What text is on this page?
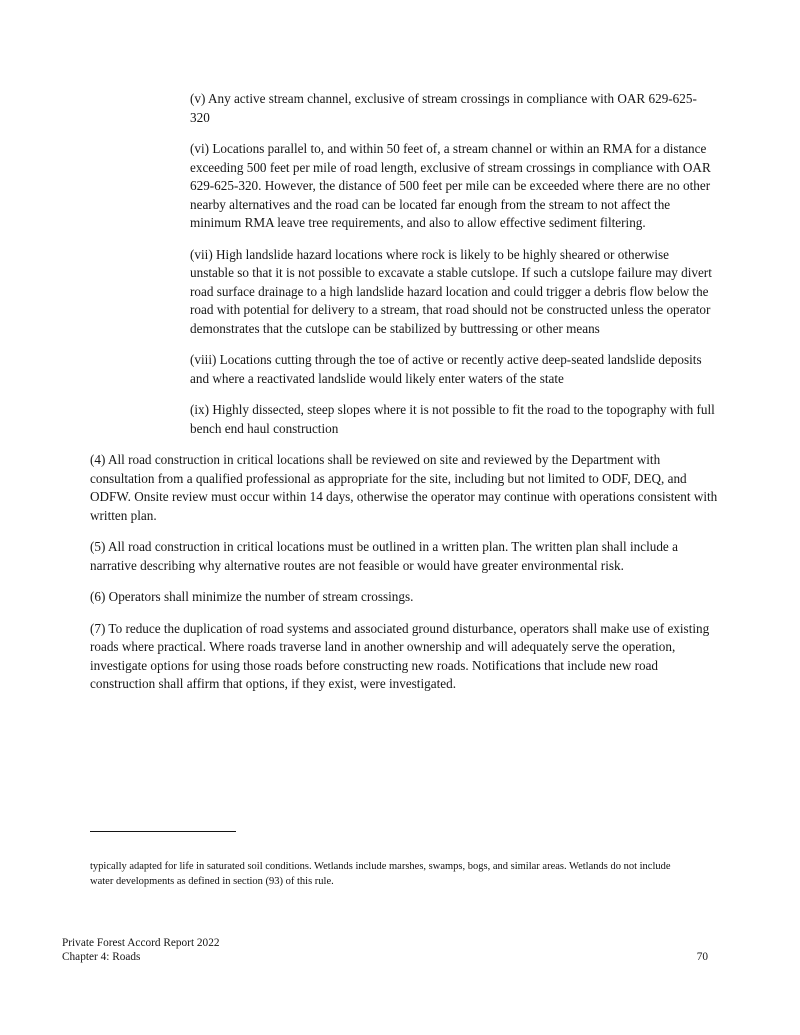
(v) Any active stream channel, exclusive of stream crossings in compliance with OAR 629-625-320

(vi) Locations parallel to, and within 50 feet of, a stream channel or within an RMA for a distance exceeding 500 feet per mile of road length, exclusive of stream crossings in compliance with OAR 629-625-320. However, the distance of 500 feet per mile can be exceeded where there are no other nearby alternatives and the road can be located far enough from the stream to not affect the minimum RMA leave tree requirements, and also to allow effective sediment filtering.

(vii) High landslide hazard locations where rock is likely to be highly sheared or otherwise unstable so that it is not possible to excavate a stable cutslope. If such a cutslope failure may divert road surface drainage to a high landslide hazard location and could trigger a debris flow below the road with potential for delivery to a stream, that road should not be constructed unless the operator demonstrates that the cutslope can be stabilized by buttressing or other means

(viii) Locations cutting through the toe of active or recently active deep-seated landslide deposits and where a reactivated landslide would likely enter waters of the state

(ix) Highly dissected, steep slopes where it is not possible to fit the road to the topography with full bench end haul construction

(4) All road construction in critical locations shall be reviewed on site and reviewed by the Department with consultation from a qualified professional as appropriate for the site, including but not limited to ODF, DEQ, and ODFW. Onsite review must occur within 14 days, otherwise the operator may continue with operations consistent with written plan.

(5) All road construction in critical locations must be outlined in a written plan. The written plan shall include a narrative describing why alternative routes are not feasible or would have greater environmental risk.

(6) Operators shall minimize the number of stream crossings.

(7) To reduce the duplication of road systems and associated ground disturbance, operators shall make use of existing roads where practical. Where roads traverse land in another ownership and will adequately serve the operation, investigate options for using those roads before constructing new roads. Notifications that include new road construction shall affirm that options, if they exist, were investigated.

typically adapted for life in saturated soil conditions. Wetlands include marshes, swamps, bogs, and similar areas. Wetlands do not include water developments as defined in section (93) of this rule.
Private Forest Accord Report 2022
Chapter 4: Roads	70
